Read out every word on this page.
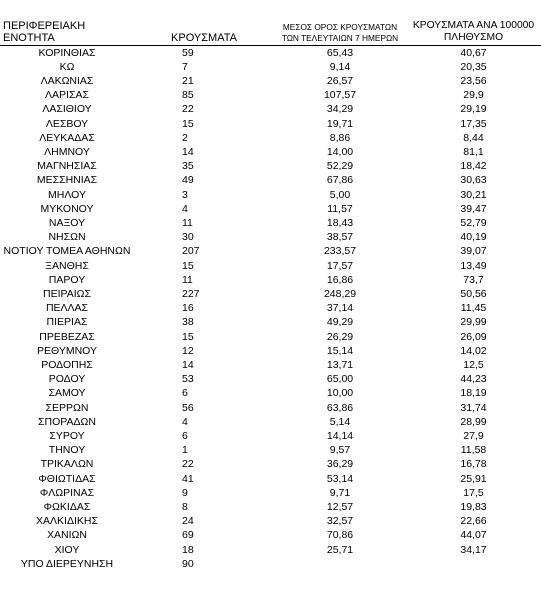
ΠΕΡΙΦΕΡΕΙΑΚΗ ΕΝΟΤΗΤΑ	ΚΡΟΥΣΜΑΤΑ	ΜΕΣΟΣ ΟΡΟΣ ΚΡΟΥΣΜΑΤΩΝ ΤΩΝ ΤΕΛΕΥΤΑΙΩΝ 7 ΗΜΕΡΩΝ	ΚΡΟΥΣΜΑΤΑ ΑΝΑ 100000 ΠΛΗΘΥΣΜΟ
ΚΟΡΙΝΘΙΑΣ	59	65,43	40,67
ΚΩ	7	9,14	20,35
ΛΑΚΩΝΙΑΣ	21	26,57	23,56
ΛΑΡΙΣΑΣ	85	107,57	29,9
ΛΑΣΙΘΙΟΥ	22	34,29	29,19
ΛΕΣΒΟΥ	15	19,71	17,35
ΛΕΥΚΑΔΑΣ	2	8,86	8,44
ΛΗΜΝΟΥ	14	14,00	81,1
ΜΑΓΝΗΣΙΑΣ	35	52,29	18,42
ΜΕΣΣΗΝΙΑΣ	49	67,86	30,63
ΜΗΛΟΥ	3	5,00	30,21
ΜΥΚΟΝΟΥ	4	11,57	39,47
ΝΑΞΟΥ	11	18,43	52,79
ΝΗΣΩΝ	30	38,57	40,19
ΝΟΤΙΟΥ ΤΟΜΕΑ ΑΘΗΝΩΝ	207	233,57	39,07
ΞΑΝΘΗΣ	15	17,57	13,49
ΠΑΡΟΥ	11	16,86	73,7
ΠΕΙΡΑΙΩΣ	227	248,29	50,56
ΠΕΛΛΑΣ	16	37,14	11,45
ΠΙΕΡΙΑΣ	38	49,29	29,99
ΠΡΕΒΕΖΑΣ	15	26,29	26,09
ΡΕΘΥΜΝΟΥ	12	15,14	14,02
ΡΟΔΟΠΗΣ	14	13,71	12,5
ΡΟΔΟΥ	53	65,00	44,23
ΣΑΜΟΥ	6	10,00	18,19
ΣΕΡΡΩΝ	56	63,86	31,74
ΣΠΟΡΑΔΩΝ	4	5,14	28,99
ΣΥΡΟΥ	6	14,14	27,9
ΤΗΝΟΥ	1	9,57	11,58
ΤΡΙΚΑΛΩΝ	22	36,29	16,78
ΦΘΙΩΤΙΔΑΣ	41	53,14	25,91
ΦΛΩΡΙΝΑΣ	9	9,71	17,5
ΦΩΚΙΔΑΣ	8	12,57	19,83
ΧΑΛΚΙΔΙΚΗΣ	24	32,57	22,66
ΧΑΝΙΩΝ	69	70,86	44,07
ΧΙΟΥ	18	25,71	34,17
ΥΠΟ ΔΙΕΡΕΥΝΗΣΗ	90		
